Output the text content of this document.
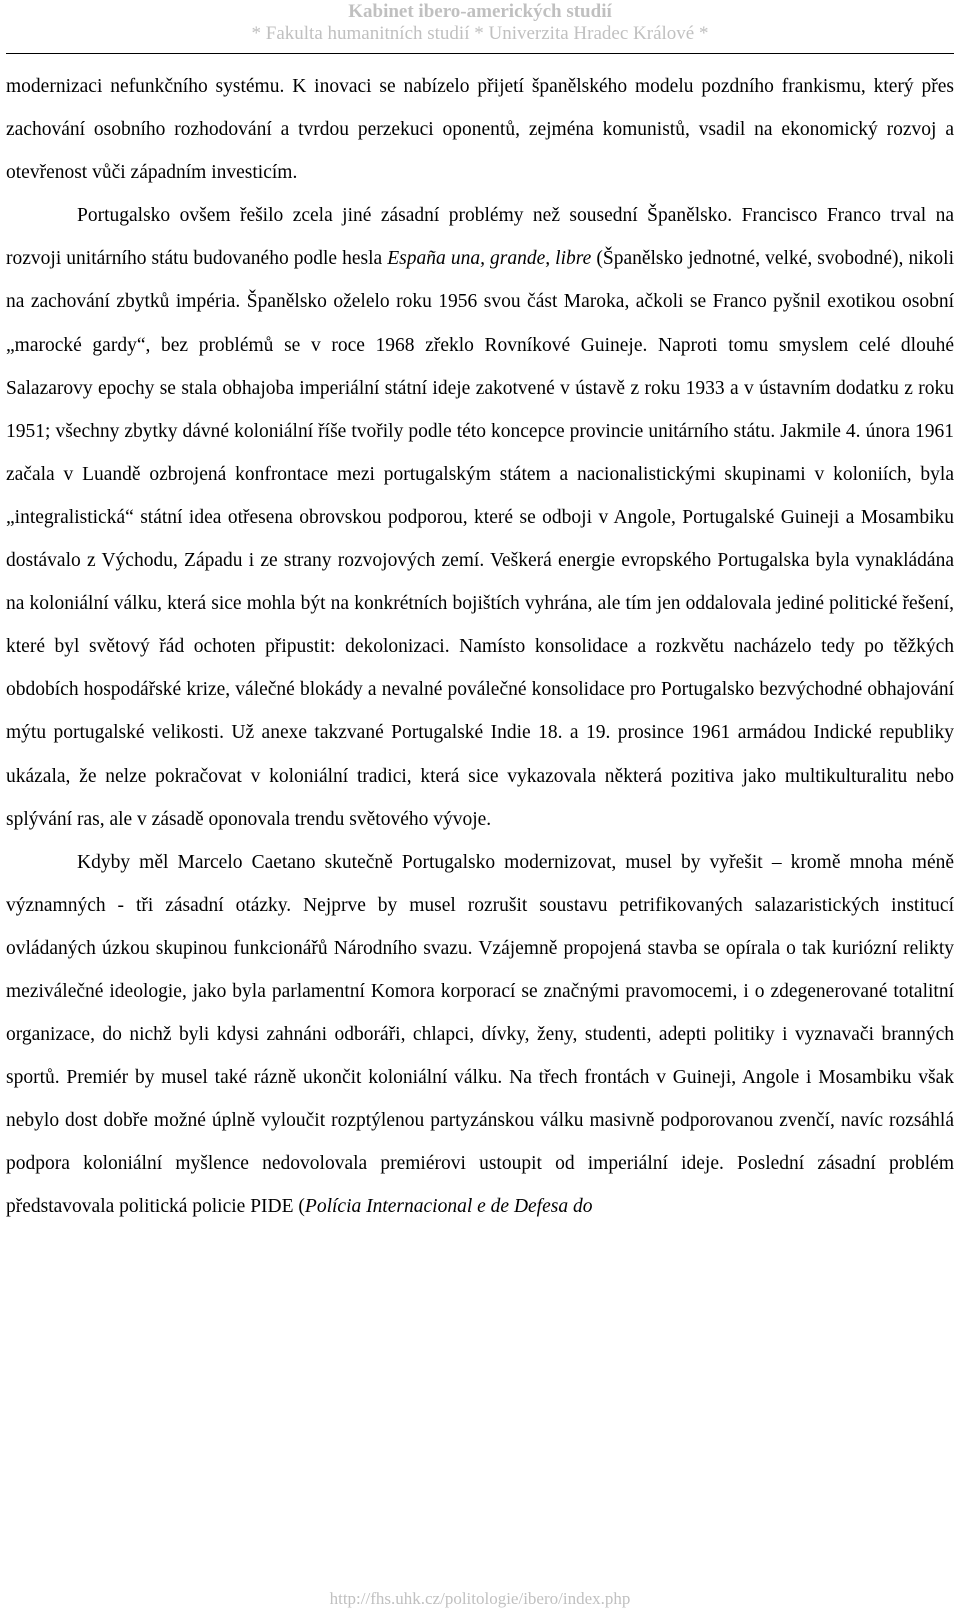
Kabinet ibero-amerických studií
* Fakulta humanitních studií * Univerzita Hradec Králové *

modernizaci nefunkčního systému. K inovaci se nabízelo přijetí španělského modelu pozdního frankismu, který přes zachování osobního rozhodování a tvrdou perzekuci oponentů, zejména komunistů, vsadil na ekonomický rozvoj a otevřenost vůči západním investicím.

Portugalsko ovšem řešilo zcela jiné zásadní problémy než sousední Španělsko. Francisco Franco trval na rozvoji unitárního státu budovaného podle hesla España una, grande, libre (Španělsko jednotné, velké, svobodné), nikoli na zachování zbytků impéria. Španělsko oželelo roku 1956 svou část Maroka, ačkoli se Franco pyšnil exotikou osobní „marocké gardy“, bez problémů se v roce 1968 zřeklo Rovníkové Guineje. Naproti tomu smyslem celé dlouhé Salazarovy epochy se stala obhajoba imperiální státní ideje zakotvené v ústavě z roku 1933 a v ústavním dodatku z roku 1951; všechny zbytky dávné koloniální říše tvořily podle této koncepce provincie unitárního státu. Jakmile 4. února 1961 začala v Luandě ozbrojená konfrontace mezi portugalským státem a nacionalistickými skupinami v koloniích, byla „integralistická“ státní idea otřesena obrovskou podporou, které se odboji v Angole, Portugalské Guineji a Mosambiku dostávalo z Východu, Západu i ze strany rozvojových zemí. Veškerá energie evropského Portugalska byla vynakládána na koloniální válku, která sice mohla být na konkrétních bojištích vyhrána, ale tím jen oddalovala jediné politické řešení, které byl světový řád ochoten připustit: dekolonizaci. Namísto konsolidace a rozkvětu nacházelo tedy po těžkých obdobích hospodářské krize, válečné blokády a nevalné poválečné konsolidace pro Portugalsko bezvýchodné obhajování mýtu portugalské velikosti. Už anexe takzvané Portugalské Indie 18. a 19. prosince 1961 armádou Indické republiky ukázala, že nelze pokračovat v koloniální tradici, která sice vykazovala některá pozitiva jako multikulturalitu nebo splývání ras, ale v zásadě oponovala trendu světového vývoje.

Kdyby měl Marcelo Caetano skutečně Portugalsko modernizovat, musel by vyřešit – kromě mnoha méně významných - tři zásadní otázky. Nejprve by musel rozrušit soustavu petrifikovaných salazaristických institucí ovládaných úzkou skupinou funkcionářů Národního svazu. Vzájemně propojená stavba se opírala o tak kuriózní relikty meziválečné ideologie, jako byla parlamentní Komora korporací se značnými pravomocemi, i o zdegenerované totalitní organizace, do nichž byli kdysi zahnáni odboráři, chlapci, dívky, ženy, studenti, adepti politiky i vyznavači branných sportů. Premiér by musel také rázně ukončit koloniální válku. Na třech frontách v Guineji, Angole i Mosambiku však nebylo dost dobře možné úplně vyloučit rozptýlenou partyzánskou válku masivně podporovanou zvenčí, navíc rozsáhlá podpora koloniální myšlence nedovolovala premiérovi ustoupit od imperiální ideje. Poslední zásadní problém představovala politická policie PIDE (Polícia Internacional e de Defesa do

http://fhs.uhk.cz/politologie/ibero/index.php
